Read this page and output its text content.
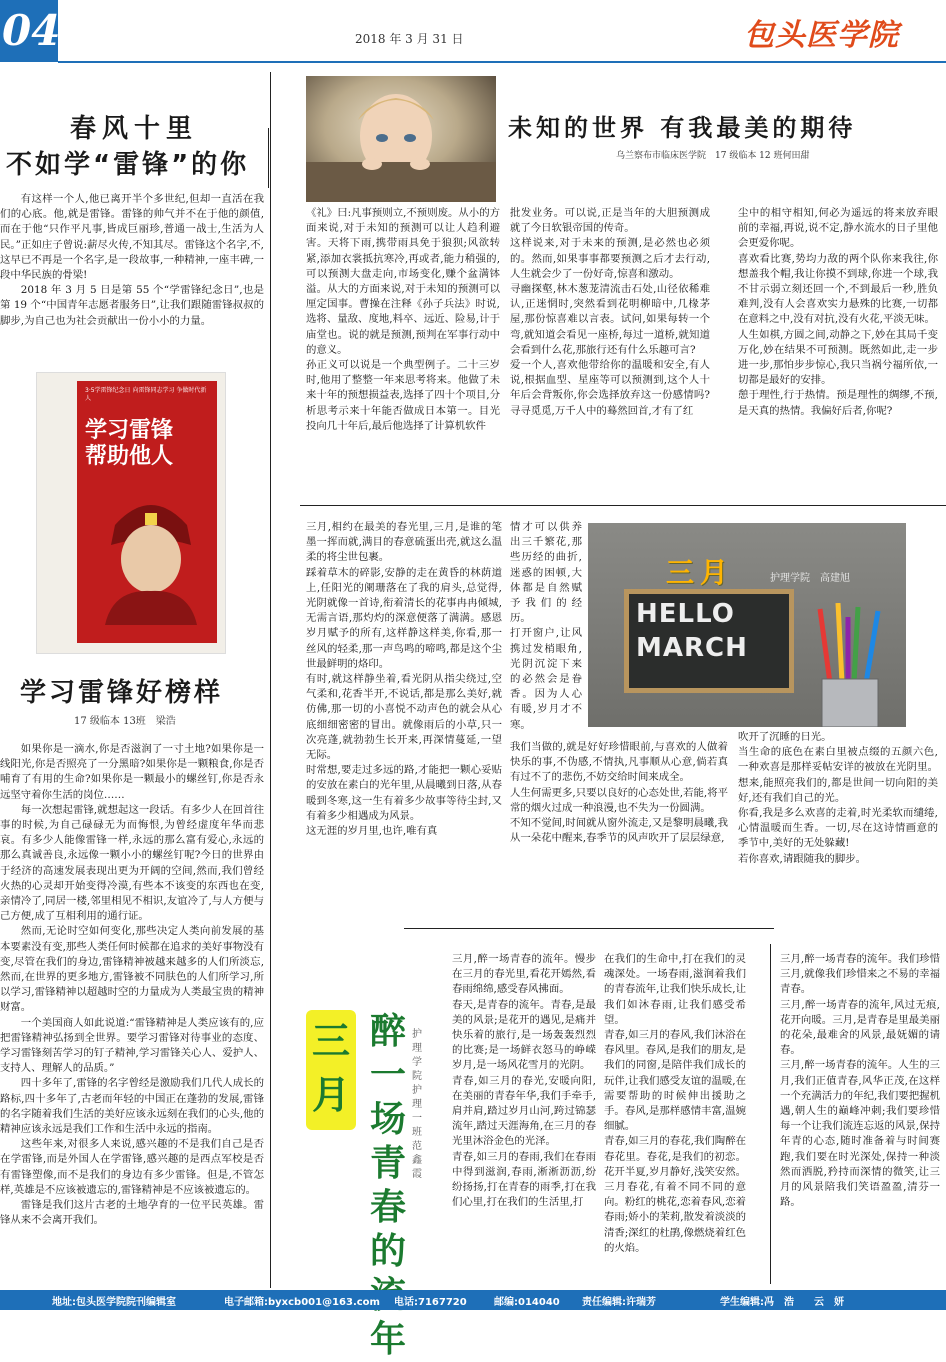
04	2018 年 3 月 31 日	包头医学院
春风十里
不如学“雷锋”的你

有这样一个人,他已离开半个多世纪,但却一直活在我们的心底。他,就是雷锋。雷锋的帅气并不在于他的颜值,而在于他“只作平凡事,皆成巨丽珍,普通一战士,生活为人民。”正如庄子曾说:薪尽火传,不知其尽。雷锋这个名字,不,这早已不再是一个名字,是一段故事,一种精神,一座丰碑,一段中华民族的骨梁!

2018 年 3 月 5 日是第 55 个“学雷锋纪念日”,也是第 19 个“中国青年志愿者服务日”,让我们跟随雷锋叔叔的脚步,为自己也为社会贡献出一份小小的力量。

3·5学雷锋纪念日 向雷锋同志学习 争做时代新人
学习雷锋
帮助他人
学习雷锋好榜样
17 级临本 13班　梁浩

如果你是一滴水,你是否滋润了一寸土地?如果你是一线阳光,你是否照亮了一分黑暗?如果你是一颗粮食,你是否哺育了有用的生命?如果你是一颗最小的螺丝钉,你是否永远坚守着你生活的岗位……

每一次想起雷锋,就想起这一段话。有多少人在回首往事的时候,为自己碌碌无为而悔恨,为曾经虚度年华而悲哀。有多少人能像雷锋一样,永远的那么富有爱心,永远的那么真诚善良,永远像一颗小小的螺丝钉呢?今日的世界由于经济的高速发展表现出更为开阔的空间,然而,我们曾经火热的心灵却开始变得冷漠,有些本不该变的东西也在变,亲情冷了,同居一楼,邻里相见不相识,友谊冷了,与人方便与己方便,成了互相利用的通行证。

然而,无论时空如何变化,那些决定人类向前发展的基本要素没有变,那些人类任何时候都在追求的美好事物没有变,尽管在我们的身边,雷锋精神被越来越多的人们所淡忘,然而,在世界的更多地方,雷锋被不同肤色的人们所学习,所以学习,雷锋精神以超越时空的力量成为人类最宝贵的精神财富。

一个美国商人如此说道:“雷锋精神是人类应该有的,应把雷锋精神弘扬到全世界。要学习雷锋对待事业的态度、学习雷锋刻苦学习的钉子精神,学习雷锋关心人、爱护人、支持人、理解人的品质。”

四十多年了,雷锋的名字曾经是激励我们几代人成长的路标,四十多年了,古老而年轻的中国正在蓬勃的发展,雷锋的名字随着我们生活的美好应该永远刻在我们的心头,他的精神应该永远是我们工作和生活中永远的指南。

这些年来,对很多人来说,感兴趣的不是我们自己是否在学雷锋,而是外国人在学雷锋,感兴趣的是西点军校是否有雷锋塑像,而不是我们的身边有多少雷锋。但是,不管怎样,英雄是不应该被遗忘的,雷锋精神是不应该被遗忘的。

雷锋是我们这片古老的土地孕育的一位平民英雄。雷锋从来不会离开我们。

未知的世界 有我最美的期待
乌兰察布市临床医学院　17 级临本 12 班何田甜
《礼》曰:凡事预则立,不预则废。从小的方面来说,对于未知的预测可以让人趋利避害。天将下雨,携带雨具免于狼狈;风欲转紧,添加衣裳抵抗寒冷,再或者,能力稍强的,可以预测大盘走向,市场变化,赚个盆满钵溢。从大的方面来说,对于未知的预测可以厘定国事。曹操在注释《孙子兵法》时说,选将、量敌、度地,料卒、远近、险易,计于庙堂也。说的就是预测,预判在军事行动中的意义。
孙正义可以说是一个典型例子。二十三岁时,他用了整整一年来思考将来。他做了未来十年的预想损益表,选择了四十个项目,分析思考示来十年能否做成日本第一。目光投向几十年后,最后他选择了计算机软件
批发业务。可以说,正是当年的大胆预测成就了今日软银帝国的传奇。
这样说来,对于未来的预测,是必然也必须的。然而,如果事事都要预测之后才去行动,人生就会少了一份好奇,惊喜和激动。
寻幽探壑,林木葱茏清流击石处,山径依稀难认,正迷惘时,突然看到花明柳暗中,几椽茅屋,那份惊喜难以言表。试问,如果每转一个弯,就知道会看见一座桥,每过一道桥,就知道会看到什么花,那旅行还有什么乐趣可言?
爱一个人,喜欢他带给你的温暖和安全,有人说,根据血型、星座等可以预测到,这个人十年后会背叛你,你会选择放弃这一份感情吗?寻寻觅觅,万千人中的蓦然回首,才有了红
尘中的相守相知,何必为遥远的将来放弃眼前的幸福,再说,说不定,静水流水的日子里他会更爱你呢。
喜欢看比赛,势均力敌的两个队你来我往,你想盖我个帽,我让你摸不到球,你进一个球,我不甘示弱立刻还回一个,不到最后一秒,胜负难判,没有人会喜欢实力悬殊的比赛,一切都在意料之中,没有对抗,没有火花,平淡无味。
人生如棋,方圆之间,动静之下,妙在其局千变万化,妙在结果不可预测。既然如此,走一步进一步,那怕步步惊心,我只当祸兮福所依,一切都是最好的安排。
憩于理性,行于热情。预是理性的绸缪,不预,是天真的热情。我偏好后者,你呢?
护理学院　高建旭
三月
HELLO
MARCH
三月,相约在最美的春光里,三月,是谁的笔墨一挥而就,满目的春意硫蛋出壳,就这么温柔的将尘世包裹。
踩着草木的碎影,安静的走在黄昏的林荫道上,任阳光的阑珊落在了我的肩头,总觉得,光阴就像一首诗,衔着清长的花事冉冉倾城,无需言语,那灼灼的深意便落了满满。感恩岁月赋予的所有,这样静这样美,你看,那一丝风的轻柔,那一声鸟鸣的啼鸣,都是这个尘世最鲜明的烙印。
有时,就这样静坐着,看光阴从指尖绕过,空气柔和,花香半开,不说话,都是那么美好,就仿佛,那一切的小喜悦不动声色的就会从心底细细密密的冒出。就像雨后的小草,只一次亮蓬,就勃勃生长开来,再深情蔓延,一望无际。
时常想,要走过多远的路,才能把一颗心妥贴的安放在素白的光年里,从晨曦到日落,从春暖到冬寒,这一生有着多少故事等待尘封,又有着多少相遇成为风景。
这无涯的岁月里,也许,唯有真
情才可以供养出三千繁花,那些历经的曲折,迷惑的困顿,大体都是自然赋予我们的经历。
打开窗户,让风携过发梢眼角,光阴沉淀下来的必然会是眷香。因为人心有暖,岁月才不寒。
我们当做的,就是好好珍惜眼前,与喜欢的人做着快乐的事,不伪感,不情执,凡事顺从心意,倘若真有过不了的悲伤,不妨交给时间来成全。
人生何需更多,只要以良好的心态处世,若能,将平常的烟火过成一种浪漫,也不失为一份圆满。
不知不觉间,时间就从窗外流走,又是黎明晨曦,我从一朵花中醒来,春季节的风声吹开了层层绿意,
吹开了沉睡的日光。
当生命的底色在素白里被点缀的五颜六色,一种欢喜是那样妥帖安详的被放在光阴里。想来,能照亮我们的,都是世间一切向阳的美好,还有我们自己的光。
你看,我是多么欢喜的走着,时光柔软而缱绻,心情温暖而生香。一切,尽在这诗情画意的季节中,美好的无处躲藏!
若你喜欢,请跟随我的脚步。
三月
醉一场青春的 年
护理学院护理一班　范鑫霞
三月,醉一场青春的流年。慢步在三月的春光里,看花开嫣然,看春雨绵绵,感受春风拂面。
春天,是青春的流年。青春,是最美的风景;是花开的遇见,是痛并快乐着的旅行,是一场轰轰烈烈的比赛;是一场鲜衣怒马的峥嵘岁月,是一场风花雪月的光阴。
青春,如三月的春光,安暖向阳,在美丽的青春年华,我们手牵手,肩并肩,踏过岁月山河,跨过锦瑟流年,踏过天涯海角,在三月的春光里沐浴金色的光泽。
青春,如三月的春雨,我们在春雨中得到滋润,春雨,淅淅沥沥,纷纷扬扬,打在青春的雨季,打在我们心里,打在我们的生活里,打
在我们的生命中,打在我们的灵魂深处。一场春雨,滋润着我们的青春流年,让我们快乐成长,让我们如沐春雨,让我们感受希望。
青春,如三月的春风,我们沐浴在春风里。春风,是我们的朋友,是我们的同窗,是陪伴我们成长的玩伴,让我们感受友谊的温暖,在需要帮助的时候伸出援助之手。春风,是那样感情丰富,温婉细腻。
青春,如三月的春花,我们陶醉在春花里。春花,是我们的初恋。花开半夏,岁月静好,浅笑安然。三月春花,有着不同不同的意向。粉红的桃花,恋着春风,恋着春雨;娇小的茉莉,散发着淡淡的清香;深红的杜鹃,像燃烧着红色的火焰。
三月,醉一场青春的流年。我们珍惜三月,就像我们珍惜来之不易的幸福青春。
三月,醉一场青春的流年,风过无痕,花开向暖。三月,是青春是里最美丽的花朵,最难舍的风景,最妩媚的请春。
三月,醉一场青春的流年。人生的三月,我们正值青春,风华正茂,在这样一个充满活力的年纪,我们要把握机遇,朝人生的巅峰冲刺;我们要珍惜每一个让我们流连忘返的风景,保持年青的心态,随时准备着与时间赛跑,我们要在时光深处,保持一种淡然而洒脱,矜持而深情的微笑,让三月的风景陪我们笑语盈盈,清芬一路。
地址:包头医学院院刊编辑室	电子邮箱:byxcb001@163.com 电话:7167720	邮编:014040 责任编辑:许瑞芳	学生编辑:冯　浩　　云　妍
